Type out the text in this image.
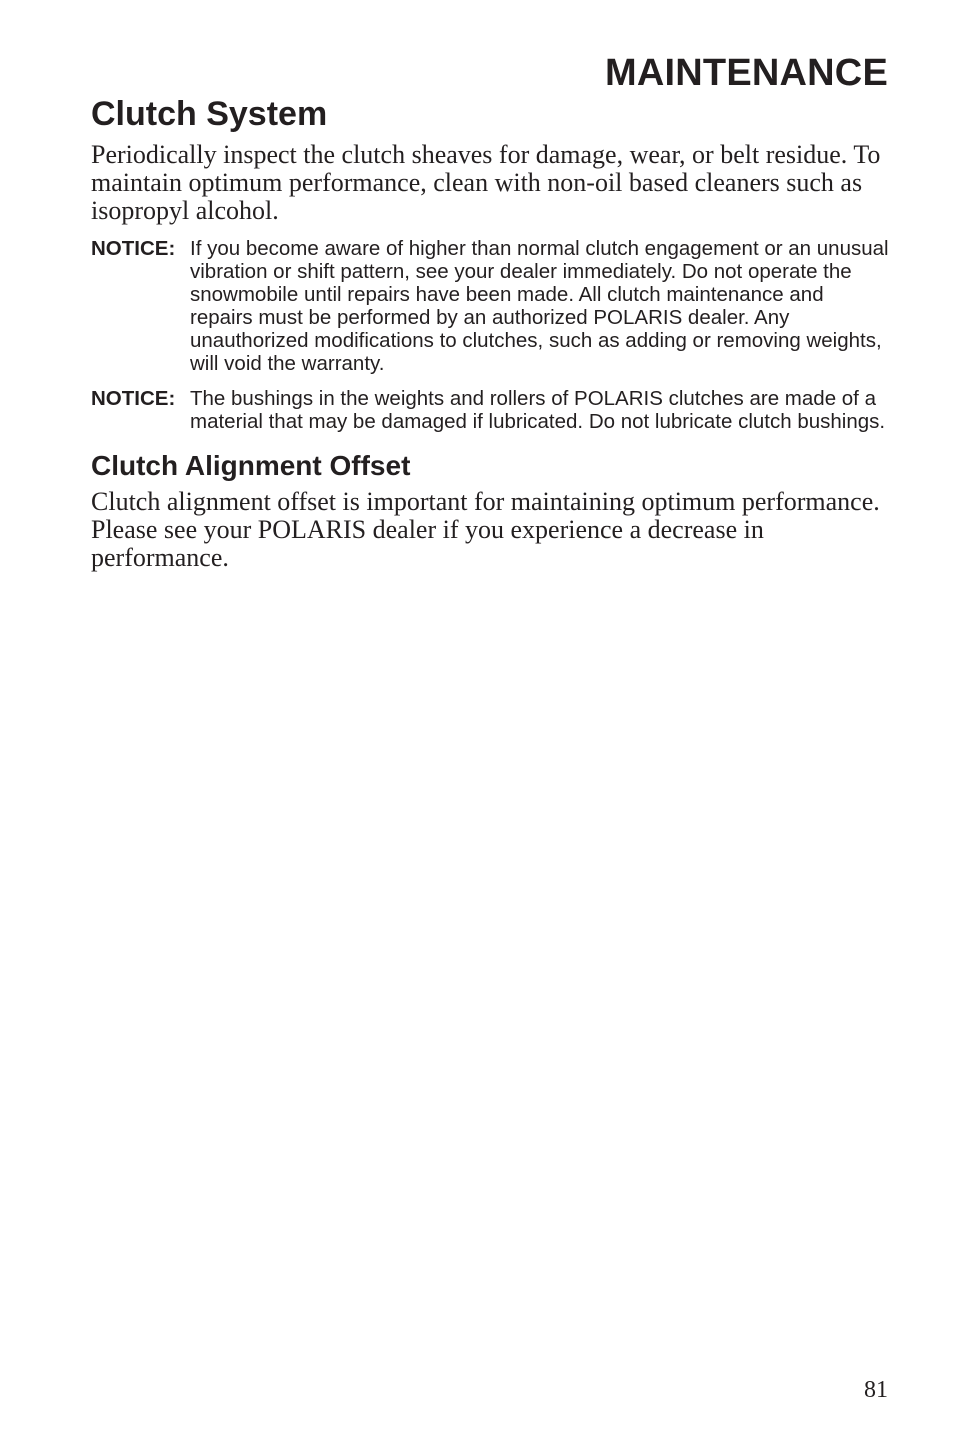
MAINTENANCE
Clutch System

Periodically inspect the clutch sheaves for damage, wear, or belt residue. To maintain optimum performance, clean with non-oil based cleaners such as isopropyl alcohol.

NOTICE: If you become aware of higher than normal clutch engagement or an unusual vibration or shift pattern, see your dealer immediately. Do not operate the snowmobile until repairs have been made. All clutch maintenance and repairs must be performed by an authorized POLARIS dealer. Any unauthorized modifications to clutches, such as adding or removing weights, will void the warranty.

NOTICE: The bushings in the weights and rollers of POLARIS clutches are made of a material that may be damaged if lubricated. Do not lubricate clutch bushings.

Clutch Alignment Offset

Clutch alignment offset is important for maintaining optimum performance. Please see your POLARIS dealer if you experience a decrease in performance.

81
